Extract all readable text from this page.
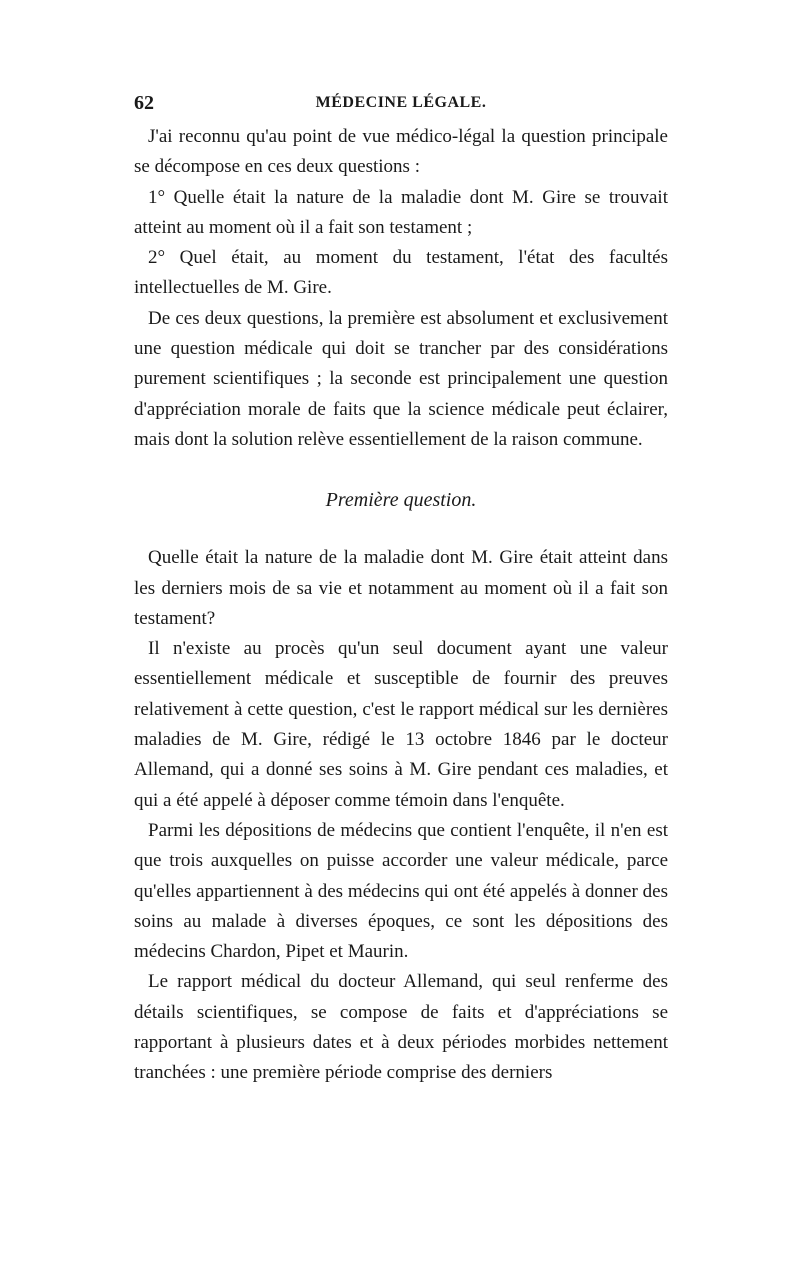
62	MÉDECINE LÉGALE.

J'ai reconnu qu'au point de vue médico-légal la question principale se décompose en ces deux questions :

1° Quelle était la nature de la maladie dont M. Gire se trouvait atteint au moment où il a fait son testament ;

2° Quel était, au moment du testament, l'état des facultés intellectuelles de M. Gire.

De ces deux questions, la première est absolument et exclusivement une question médicale qui doit se trancher par des considérations purement scientifiques ; la seconde est principalement une question d'appréciation morale de faits que la science médicale peut éclairer, mais dont la solution relève essentiellement de la raison commune.

Première question.

Quelle était la nature de la maladie dont M. Gire était atteint dans les derniers mois de sa vie et notamment au moment où il a fait son testament?

Il n'existe au procès qu'un seul document ayant une valeur essentiellement médicale et susceptible de fournir des preuves relativement à cette question, c'est le rapport médical sur les dernières maladies de M. Gire, rédigé le 13 octobre 1846 par le docteur Allemand, qui a donné ses soins à M. Gire pendant ces maladies, et qui a été appelé à déposer comme témoin dans l'enquête.

Parmi les dépositions de médecins que contient l'enquête, il n'en est que trois auxquelles on puisse accorder une valeur médicale, parce qu'elles appartiennent à des médecins qui ont été appelés à donner des soins au malade à diverses époques, ce sont les dépositions des médecins Chardon, Pipet et Maurin.

Le rapport médical du docteur Allemand, qui seul renferme des détails scientifiques, se compose de faits et d'appréciations se rapportant à plusieurs dates et à deux périodes morbides nettement tranchées : une première période comprise des derniers
